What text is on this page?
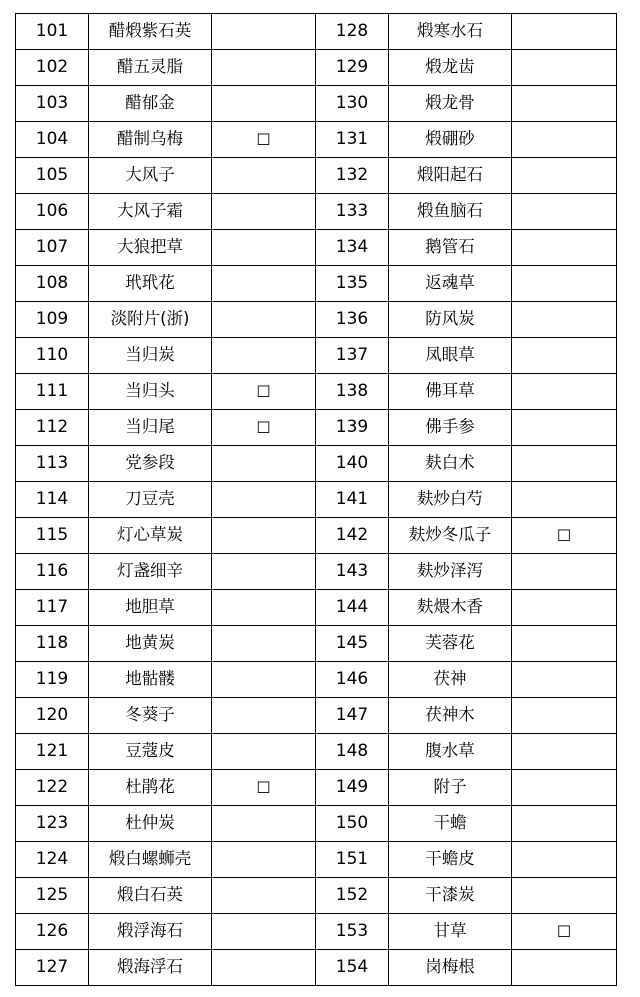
101	醋煅紫石英		128	煅寒水石	
102	醋五灵脂		129	煅龙齿	
103	醋郁金		130	煅龙骨	
104	醋制乌梅	☐	131	煅硼砂	
105	大风子		132	煅阳起石	
106	大风子霜		133	煅鱼脑石	
107	大狼把草		134	鹅管石	
108	玳玳花		135	返魂草	
109	淡附片(浙)		136	防风炭	
110	当归炭		137	凤眼草	
111	当归头	☐	138	佛耳草	
112	当归尾	☐	139	佛手参	
113	党参段		140	麸白术	
114	刀豆壳		141	麸炒白芍	
115	灯心草炭		142	麸炒冬瓜子	☐
116	灯盏细辛		143	麸炒泽泻	
117	地胆草		144	麸煨木香	
118	地黄炭		145	芙蓉花	
119	地骷髅		146	茯神	
120	冬葵子		147	茯神木	
121	豆蔻皮		148	腹水草	
122	杜鹃花	☐	149	附子	
123	杜仲炭		150	干蟾	
124	煅白螺蛳壳		151	干蟾皮	
125	煅白石英		152	干漆炭	
126	煅浮海石		153	甘草	☐
127	煅海浮石		154	岗梅根	
